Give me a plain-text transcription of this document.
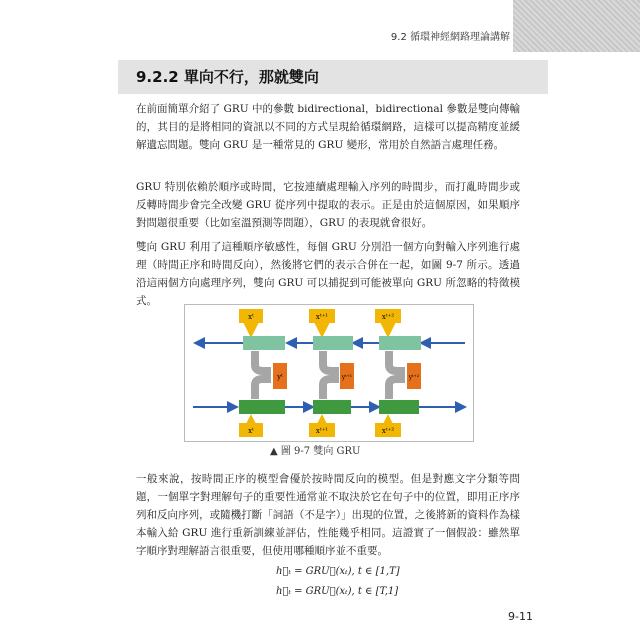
9.2 循環神經網路理論講解
9.2.2 單向不行，那就雙向
在前面簡單介紹了 GRU 中的參數 bidirectional，bidirectional 參數是雙向傳輸的，其目的是將相同的資訊以不同的方式呈現給循環網路，這樣可以提高精度並緩解遺忘問題。雙向 GRU 是一種常見的 GRU 變形，常用於自然語言處理任務。
GRU 特別依賴於順序或時間，它按連續處理輸入序列的時間步，而打亂時間步或反轉時間步會完全改變 GRU 從序列中提取的表示。正是由於這個原因，如果順序對問題很重要（比如室溫預測等問題），GRU 的表現就會很好。
雙向 GRU 利用了這種順序敏感性，每個 GRU 分別沿一個方向對輸入序列進行處理（時間正序和時間反向），然後將它們的表示合併在一起，如圖 9-7 所示。透過沿這兩個方向處理序列，雙向 GRU 可以捕捉到可能被單向 GRU 所忽略的特徵模式。
xᵗ	xᵗ⁺¹	xᵗ⁺²
xᵗ	xᵗ⁺¹	xᵗ⁺²
yᵗ	yᵗ⁺¹	yᵗ⁺²
▲ 圖 9-7 雙向 GRU
一般來說，按時間正序的模型會優於按時間反向的模型。但是對應文字分類等問題，一個單字對理解句子的重要性通常並不取決於它在句子中的位置，即用正序序列和反向序列，或隨機打斷「詞語（不是字）」出現的位置，之後將新的資料作為樣本輸入給 GRU 進行重新訓練並評估，性能幾乎相同。這證實了一個假設：雖然單字順序對理解語言很重要，但使用哪種順序並不重要。
h⃗ₜ = GRU⃗(xₜ), t ∈ [1,T]
h⃖ₜ = GRU⃖(xₜ), t ∈ [T,1]
9-11
